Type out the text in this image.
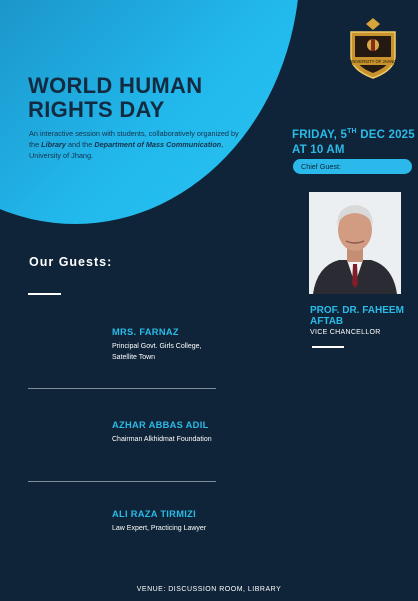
UNIVERSITY OF JHANG
WORLD HUMAN
RIGHTS DAY
An interactive session with students, collaboratively organized by the Library and the Department of Mass Communication, University of Jhang.
FRIDAY, 5TH DEC 2025
AT 10 AM
Chief Guest:
Our Guests:
PROF. DR. FAHEEM AFTAB
VICE CHANCELLOR
MRS. FARNAZ
Principal Govt. Girls College, Satellite Town
AZHAR ABBAS ADIL
Chairman Alkhidmat Foundation
ALI RAZA TIRMIZI
Law Expert, Practicing Lawyer
VENUE: DISCUSSION ROOM, LIBRARY
